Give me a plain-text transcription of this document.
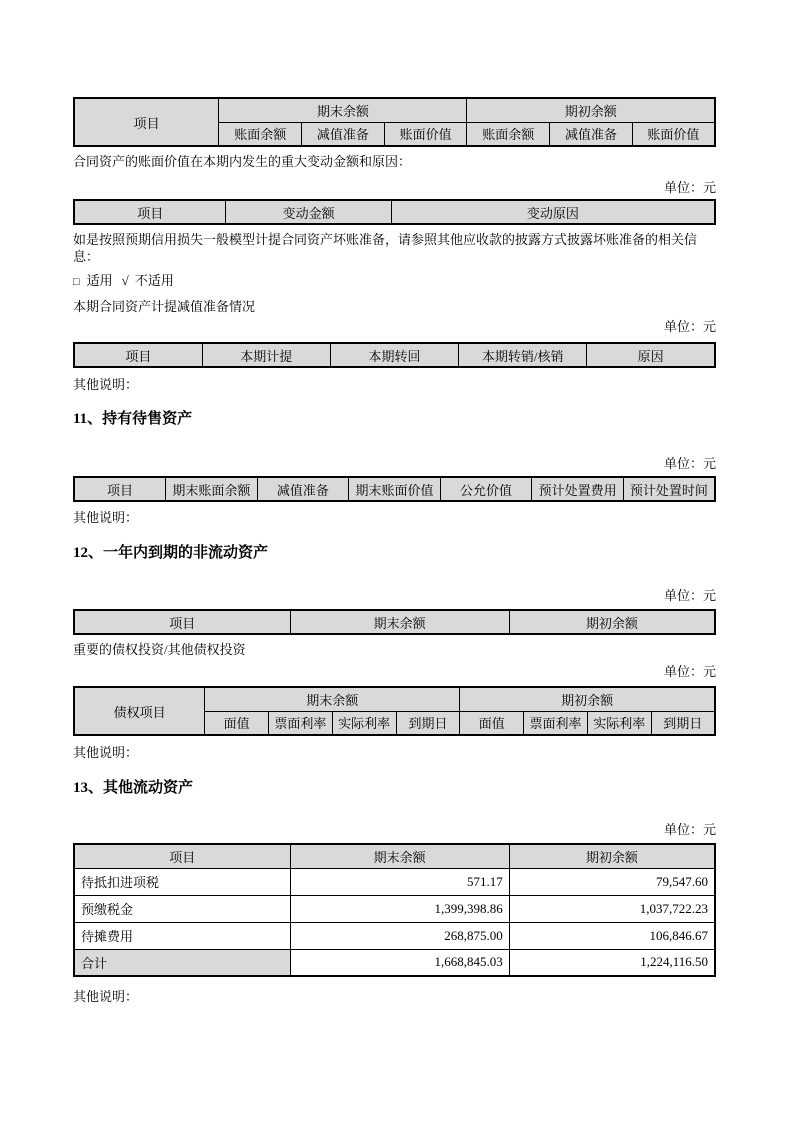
项目	期末余额			期初余额		
	账面余额	减值准备	账面价值	账面余额	减值准备	账面价值

合同资产的账面价值在本期内发生的重大变动金额和原因：

单位：元

项目	变动金额	变动原因

如是按照预期信用损失一般模型计提合同资产坏账准备，请参照其他应收款的披露方式披露坏账准备的相关信息：

□ 适用 √ 不适用

本期合同资产计提减值准备情况

单位：元

项目	本期计提	本期转回	本期转销/核销	原因

其他说明：

11、持有待售资产

单位：元

项目	期末账面余额	减值准备	期末账面价值	公允价值	预计处置费用	预计处置时间

其他说明：

12、一年内到期的非流动资产

单位：元

项目	期末余额	期初余额

重要的债权投资/其他债权投资

单位：元

债权项目	期末余额				期初余额			
	面值	票面利率	实际利率	到期日	面值	票面利率	实际利率	到期日

其他说明：

13、其他流动资产

单位：元

项目	期末余额	期初余额
待抵扣进项税	571.17	79,547.60
预缴税金	1,399,398.86	1,037,722.23
待摊费用	268,875.00	106,846.67
合计	1,668,845.03	1,224,116.50

其他说明：
